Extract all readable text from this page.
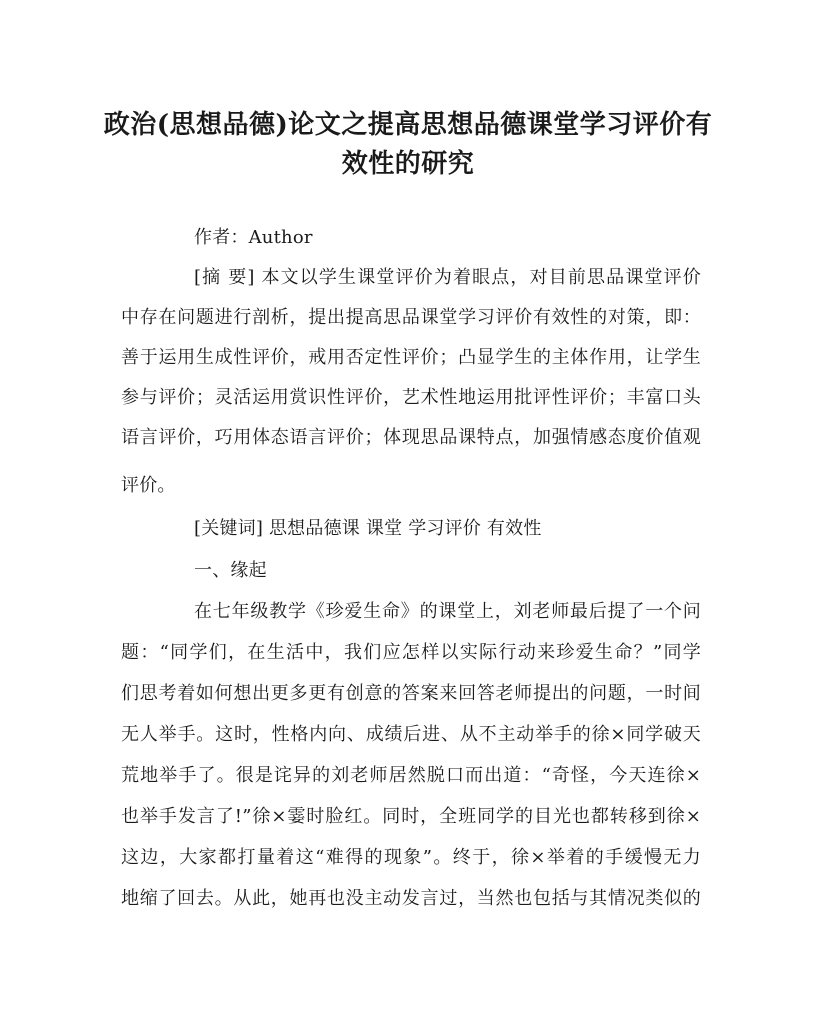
政治(思想品德)论文之提高思想品德课堂学习评价有
效性的研究
作者：Author
[摘 要] 本文以学生课堂评价为着眼点，对目前思品课堂评价
中存在问题进行剖析，提出提高思品课堂学习评价有效性的对策，即：
善于运用生成性评价，戒用否定性评价；凸显学生的主体作用，让学生
参与评价；灵活运用赏识性评价，艺术性地运用批评性评价；丰富口头
语言评价，巧用体态语言评价；体现思品课特点，加强情感态度价值观
评价。
[关键词] 思想品德课 课堂 学习评价 有效性
一、缘起
在七年级教学《珍爱生命》的课堂上，刘老师最后提了一个问
题：“同学们，在生活中，我们应怎样以实际行动来珍爱生命？”同学
们思考着如何想出更多更有创意的答案来回答老师提出的问题，一时间
无人举手。这时，性格内向、成绩后进、从不主动举手的徐×同学破天
荒地举手了。很是诧异的刘老师居然脱口而出道：“奇怪，今天连徐×
也举手发言了!”徐×霎时脸红。同时，全班同学的目光也都转移到徐×
这边，大家都打量着这“难得的现象”。终于，徐×举着的手缓慢无力
地缩了回去。从此，她再也没主动发言过，当然也包括与其情况类似的
